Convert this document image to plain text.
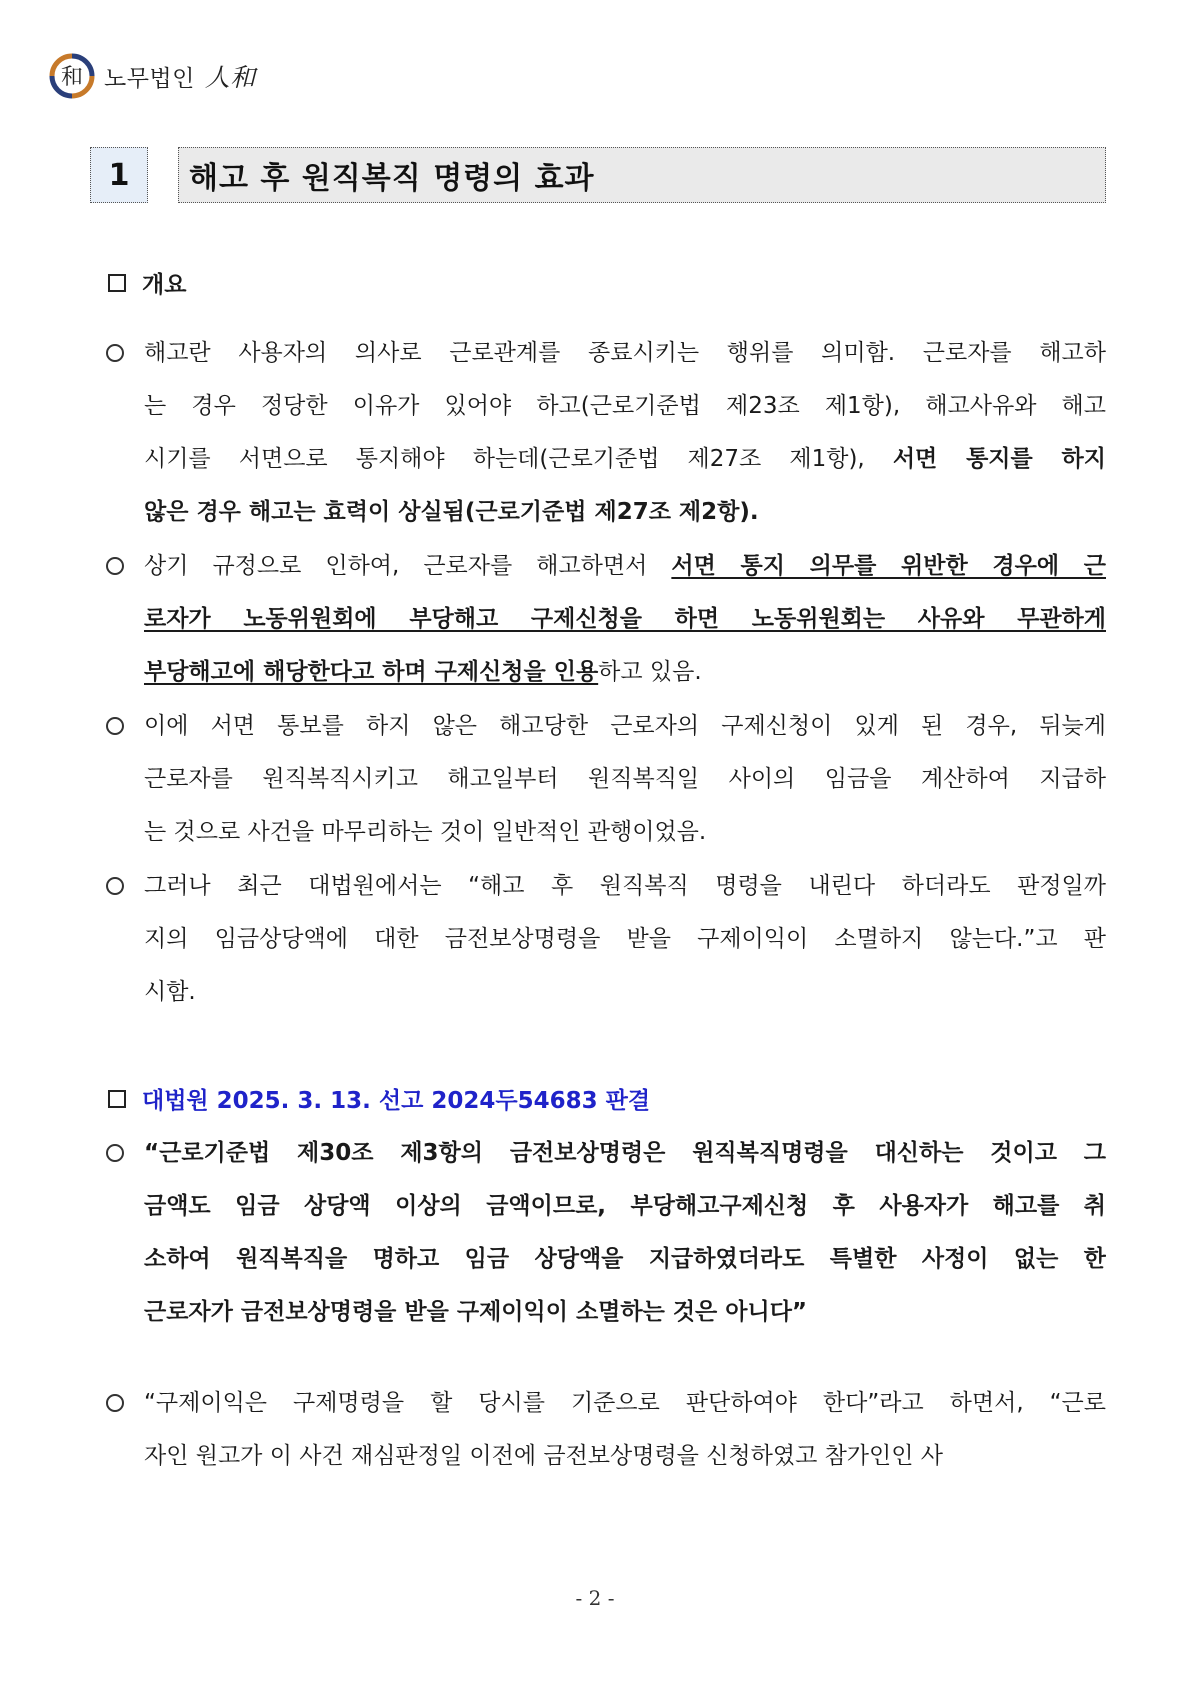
和 노무법인 人和
1	해고 후 원직복직 명령의 효과
개요
해고란 사용자의 의사로 근로관계를 종료시키는 행위를 의미함. 근로자를 해고하
는 경우 정당한 이유가 있어야 하고(근로기준법 제23조 제1항), 해고사유와 해고
시기를 서면으로 통지해야 하는데(근로기준법 제27조 제1항), 서면 통지를 하지
않은 경우 해고는 효력이 상실됨(근로기준법 제27조 제2항).
상기 규정으로 인하여, 근로자를 해고하면서 서면 통지 의무를 위반한 경우에 근
로자가 노동위원회에 부당해고 구제신청을 하면 노동위원회는 사유와 무관하게
부당해고에 해당한다고 하며 구제신청을 인용하고 있음.
이에 서면 통보를 하지 않은 해고당한 근로자의 구제신청이 있게 된 경우, 뒤늦게
근로자를 원직복직시키고 해고일부터 원직복직일 사이의 임금을 계산하여 지급하
는 것으로 사건을 마무리하는 것이 일반적인 관행이었음.
그러나 최근 대법원에서는 “해고 후 원직복직 명령을 내린다 하더라도 판정일까
지의 임금상당액에 대한 금전보상명령을 받을 구제이익이 소멸하지 않는다.”고 판
시함.
대법원 2025. 3. 13. 선고 2024두54683 판결
“근로기준법 제30조 제3항의 금전보상명령은 원직복직명령을 대신하는 것이고 그
금액도 임금 상당액 이상의 금액이므로, 부당해고구제신청 후 사용자가 해고를 취
소하여 원직복직을 명하고 임금 상당액을 지급하였더라도 특별한 사정이 없는 한
근로자가 금전보상명령을 받을 구제이익이 소멸하는 것은 아니다”
“구제이익은 구제명령을 할 당시를 기준으로 판단하여야 한다”라고 하면서, “근로
자인 원고가 이 사건 재심판정일 이전에 금전보상명령을 신청하였고 참가인인 사
- 2 -
